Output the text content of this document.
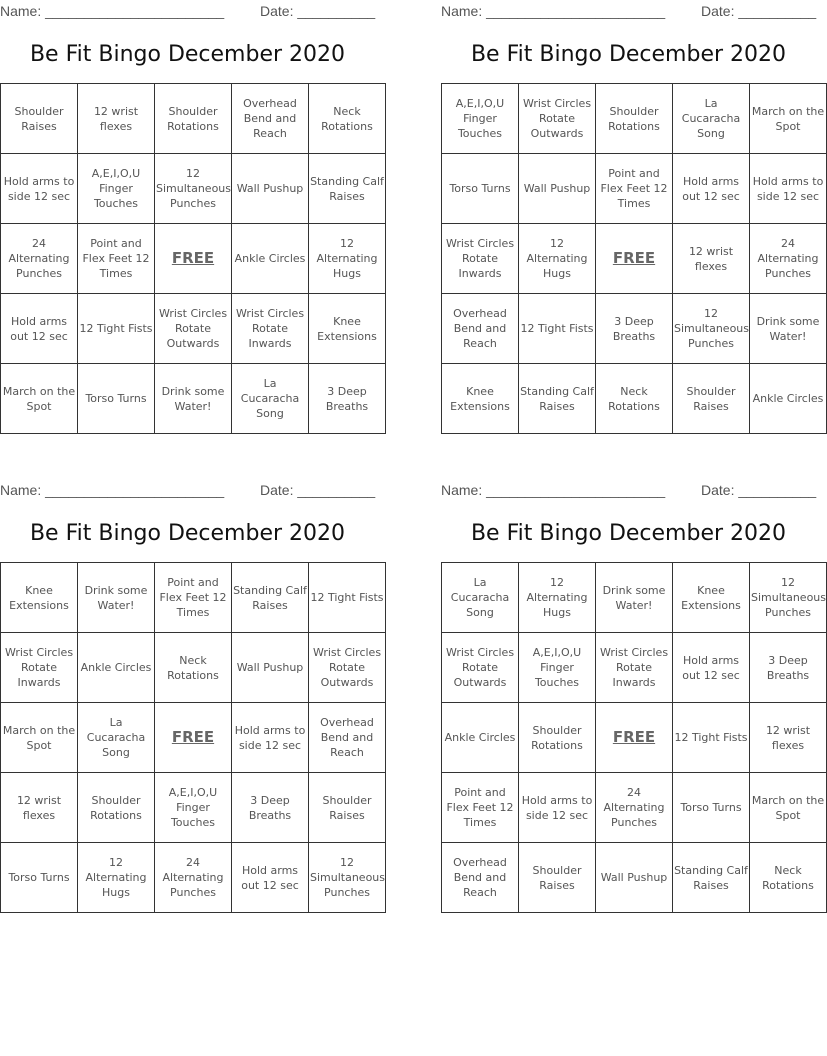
Name: _______________________	Date: __________
Be Fit Bingo December 2020
Shoulder Raises	12 wrist flexes	Shoulder Rotations	Overhead Bend and Reach	Neck Rotations
Hold arms to side 12 sec	A,E,I,O,U Finger Touches	12 Simultaneous Punches	Wall Pushup	Standing Calf Raises
24 Alternating Punches	Point and Flex Feet 12 Times	FREE	Ankle Circles	12 Alternating Hugs
Hold arms out 12 sec	12 Tight Fists	Wrist Circles Rotate Outwards	Wrist Circles Rotate Inwards	Knee Extensions
March on the Spot	Torso Turns	Drink some Water!	La Cucaracha Song	3 Deep Breaths
Name: _______________________	Date: __________
Be Fit Bingo December 2020
A,E,I,O,U Finger Touches	Wrist Circles Rotate Outwards	Shoulder Rotations	La Cucaracha Song	March on the Spot
Torso Turns	Wall Pushup	Point and Flex Feet 12 Times	Hold arms out 12 sec	Hold arms to side 12 sec
Wrist Circles Rotate Inwards	12 Alternating Hugs	FREE	12 wrist flexes	24 Alternating Punches
Overhead Bend and Reach	12 Tight Fists	3 Deep Breaths	12 Simultaneous Punches	Drink some Water!
Knee Extensions	Standing Calf Raises	Neck Rotations	Shoulder Raises	Ankle Circles
Name: _______________________	Date: __________
Be Fit Bingo December 2020
Knee Extensions	Drink some Water!	Point and Flex Feet 12 Times	Standing Calf Raises	12 Tight Fists
Wrist Circles Rotate Inwards	Ankle Circles	Neck Rotations	Wall Pushup	Wrist Circles Rotate Outwards
March on the Spot	La Cucaracha Song	FREE	Hold arms to side 12 sec	Overhead Bend and Reach
12 wrist flexes	Shoulder Rotations	A,E,I,O,U Finger Touches	3 Deep Breaths	Shoulder Raises
Torso Turns	12 Alternating Hugs	24 Alternating Punches	Hold arms out 12 sec	12 Simultaneous Punches
Name: _______________________	Date: __________
Be Fit Bingo December 2020
La Cucaracha Song	12 Alternating Hugs	Drink some Water!	Knee Extensions	12 Simultaneous Punches
Wrist Circles Rotate Outwards	A,E,I,O,U Finger Touches	Wrist Circles Rotate Inwards	Hold arms out 12 sec	3 Deep Breaths
Ankle Circles	Shoulder Rotations	FREE	12 Tight Fists	12 wrist flexes
Point and Flex Feet 12 Times	Hold arms to side 12 sec	24 Alternating Punches	Torso Turns	March on the Spot
Overhead Bend and Reach	Shoulder Raises	Wall Pushup	Standing Calf Raises	Neck Rotations
